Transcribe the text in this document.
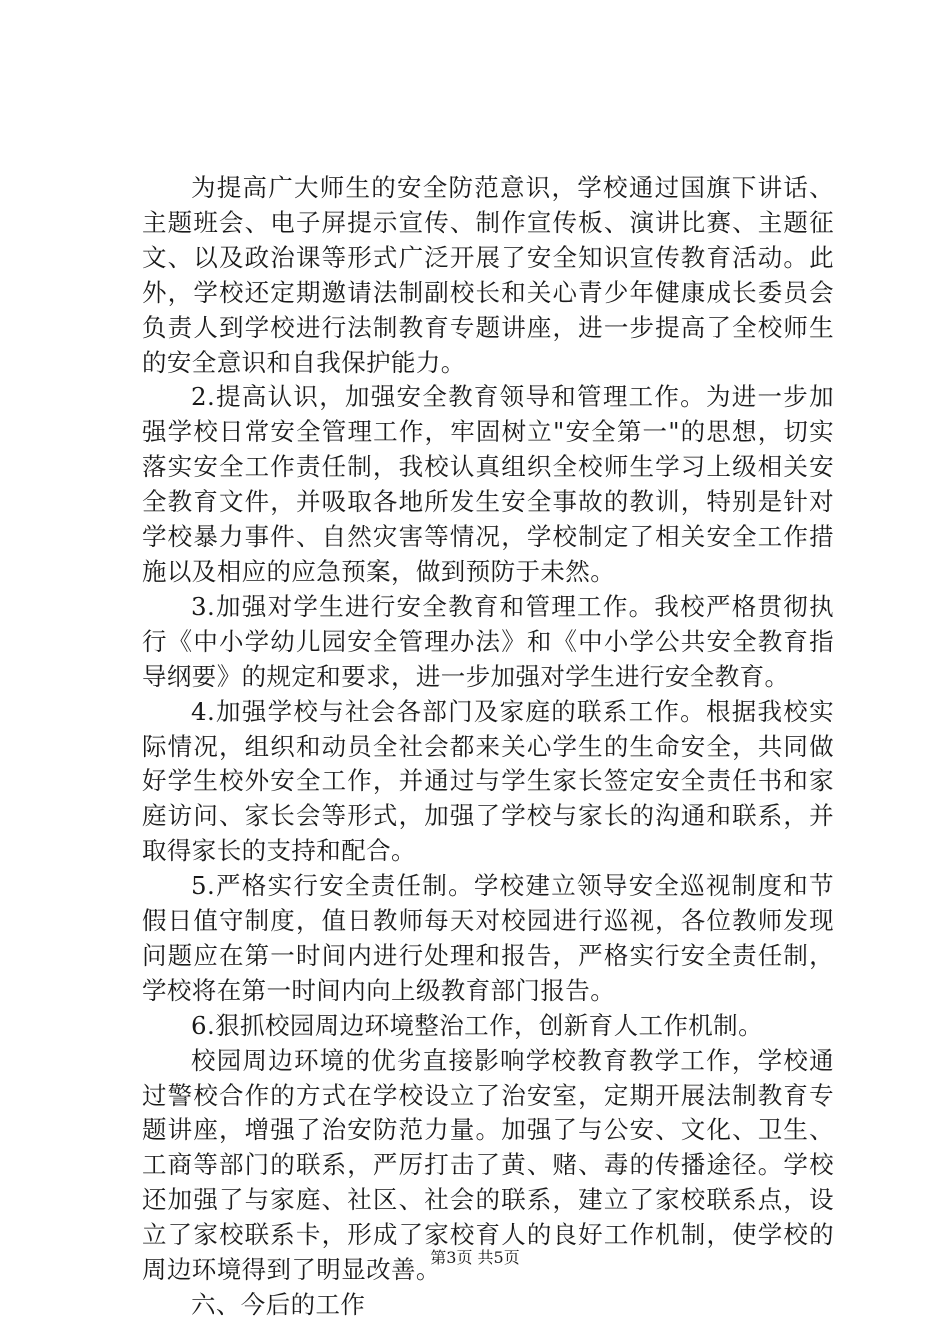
为提高广大师生的安全防范意识，学校通过国旗下讲话、主题班会、电子屏提示宣传、制作宣传板、演讲比赛、主题征文、以及政治课等形式广泛开展了安全知识宣传教育活动。此外，学校还定期邀请法制副校长和关心青少年健康成长委员会负责人到学校进行法制教育专题讲座，进一步提高了全校师生的安全意识和自我保护能力。

2.提高认识，加强安全教育领导和管理工作。为进一步加强学校日常安全管理工作，牢固树立"安全第一"的思想，切实落实安全工作责任制，我校认真组织全校师生学习上级相关安全教育文件，并吸取各地所发生安全事故的教训，特别是针对学校暴力事件、自然灾害等情况，学校制定了相关安全工作措施以及相应的应急预案，做到预防于未然。

3.加强对学生进行安全教育和管理工作。我校严格贯彻执行《中小学幼儿园安全管理办法》和《中小学公共安全教育指导纲要》的规定和要求，进一步加强对学生进行安全教育。

4.加强学校与社会各部门及家庭的联系工作。根据我校实际情况，组织和动员全社会都来关心学生的生命安全，共同做好学生校外安全工作，并通过与学生家长签定安全责任书和家庭访问、家长会等形式，加强了学校与家长的沟通和联系，并取得家长的支持和配合。

5.严格实行安全责任制。学校建立领导安全巡视制度和节假日值守制度，值日教师每天对校园进行巡视，各位教师发现问题应在第一时间内进行处理和报告，严格实行安全责任制，学校将在第一时间内向上级教育部门报告。

6.狠抓校园周边环境整治工作，创新育人工作机制。

校园周边环境的优劣直接影响学校教育教学工作，学校通过警校合作的方式在学校设立了治安室，定期开展法制教育专题讲座，增强了治安防范力量。加强了与公安、文化、卫生、工商等部门的联系，严厉打击了黄、赌、毒的传播途径。学校还加强了与家庭、社区、社会的联系，建立了家校联系点，设立了家校联系卡，形成了家校育人的良好工作机制，使学校的周边环境得到了明显改善。

六、今后的工作

第3页 共5页
